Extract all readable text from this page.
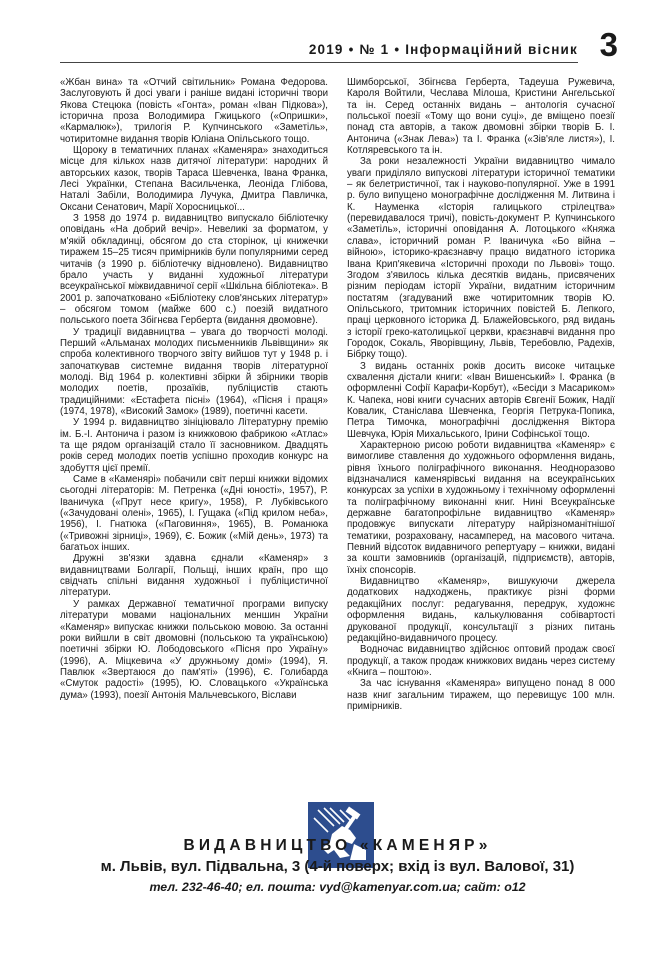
2019 • № 1 • Інформаційний вісник 3

«Жбан вина» та «Отчий світильник» Романа Федорова. Заслуговують й досі уваги і раніше видані історичні твори Якова Стецюка (повість «Гонта», роман «Іван Підкова»), історична проза Володимира Гжицького («Опришки», «Кармалюк»), трилогія Р. Купчинського «Заметіль», чотиритомне видання творів Юліана Опільського тощо.

Щороку в тематичних планах «Каменяра» знаходиться місце для кількох назв дитячої літератури: народних й авторських казок, творів Тараса Шевченка, Івана Франка, Лесі Українки, Степана Васильченка, Леоніда Глібова, Наталі Забіли, Володимира Лучука, Дмитра Павличка, Оксани Сенатович, Марії Хоросницької...

З 1958 до 1974 р. видавництво випускало бібліотечку оповідань «На добрий вечір». Невеликі за форматом, у м'якій обкладинці, обсягом до ста сторінок, ці книжечки тиражем 15–25 тисяч примірників були популярними серед читачів (з 1990 р. бібліотечку відновлено). Видавництво брало участь у виданні художньої літератури всеукраїнської міжвидавничої серії «Шкільна бібліотека». В 2001 р. започатковано «Бібліотеку слов'янських літератур» – обсягом томом (майже 600 с.) поезій видатного польського поета Збігнєва Герберта (видання двомовне).

У традиції видавництва – увага до творчості молоді. Перший «Альманах молодих письменників Львівщини» як спроба колективного творчого звіту вийшов тут у 1948 р. і започаткував системне видання творів літературної молоді. Від 1964 р. колективні збірки й збірники творів молодих поетів, прозаїків, публіцистів стають традиційними: «Естафета пісні» (1964), «Пісня і праця» (1974, 1978), «Високий Замок» (1989), поетичні касети.

У 1994 р. видавництво зініціювало Літературну премію ім. Б.-І. Антонича і разом із книжковою фабрикою «Атлас» та ще рядом організацій стало її засновником. Двадцять років серед молодих поетів успішно проходив конкурс на здобуття цієї премії.

Саме в «Каменярі» побачили світ перші книжки відомих сьогодні літераторів: М. Петренка («Дні юності», 1957), Р. Іваничука («Прут несе кригу», 1958), Р. Лубківського («Зачудовані олені», 1965), І. Гущака («Під крилом неба», 1956), І. Гнатюка («Паговиння», 1965), В. Романюка («Тривожні зірниці», 1969), Є. Божик («Мій день», 1973) та багатьох інших.

Дружні зв'язки здавна єднали «Каменяр» з видавництвами Болгарії, Польщі, інших країн, про що свідчать спільні видання художньої і публіцистичної літератури.

У рамках Державної тематичної програми випуску літератури мовами національних меншин України «Каменяр» випускає книжки польською мовою. За останні роки вийшли в світ двомовні (польською та українською) поетичні збірки Ю. Лободовського «Пісня про Україну» (1996), А. Міцкевича «У дружньому домі» (1994), Я. Павлюк «Звертаюся до пам'яті» (1996), Є. Голибарда «Смуток радості» (1995), Ю. Словацького «Українська дума» (1993), поезії Антонія Мальчевського, Віслави

Шимборської, Збігнєва Герберта, Тадеуша Ружевича, Кароля Войтили, Чеслава Мілоша, Кристини Ангельської та ін. Серед останніх видань – антологія сучасної польської поезії «Тому що вони суці», де вміщено поезії понад ста авторів, а також двомовні збірки творів Б. І. Антонича («Знак Лева») та І. Франка («Зів'яле листя»), І. Котляревського та ін.

За роки незалежності України видавництво чимало уваги приділяло випускові літератури історичної тематики – як белетристичної, так і науково-популярної. Уже в 1991 р. було випущено монографічне дослідження М. Литвина і К. Науменка «Історія галицького стрілецтва» (перевидавалося тричі), повість-документ Р. Купчинського «Заметіль», історичні оповідання А. Лотоцького «Княжа слава», історичний роман Р. Іваничука «Бо війна – війною», історико-краєзнавчу працю видатного історика Івана Крип'якевича «Історичні проходи по Львові» тощо. Згодом з'явилось кілька десятків видань, присвячених різним періодам історії України, видатним історичним постатям (згадуваний вже чотиритомник творів Ю. Опільського, тритомник історичних повістей Б. Лепкого, праці церковного історика Д. Блажейовського, ряд видань з історії греко-католицької церкви, краєзнавчі видання про Городок, Сокаль, Яворівщину, Львів, Теребовлю, Радехів, Бібрку тощо).

З видань останніх років досить високе читацьке схвалення дістали книги: «Іван Вишенський» І. Франка (в оформленні Софії Карафи-Корбут), «Бесіди з Масариком» К. Чапека, нові книги сучасних авторів Євгенії Божик, Надії Ковалик, Станіслава Шевченка, Георгія Петрука-Попика, Петра Тимочка, монографічні дослідження Віктора Шевчука, Юрія Михальського, Ірини Софінської тощо.

Характерною рисою роботи видавництва «Каменяр» є вимогливе ставлення до художнього оформлення видань, рівня їхнього поліграфічного виконання. Неодноразово відзначалися каменярівські видання на всеукраїнських конкурсах за успіхи в художньому і технічному оформленні та поліграфічному виконанні книг. Нині Всеукраїнське державне багатопрофільне видавництво «Каменяр» продовжує випускати літературу найрізноманітнішої тематики, розраховану, насамперед, на масового читача. Певний відсоток видавничого репертуару – книжки, видані за кошти замовників (організацій, підприємств), авторів, їхніх спонсорів.

Видавництво «Каменяр», вишукуючи джерела додаткових надходжень, практикує різні форми редакційних послуг: редагування, передрук, художнє оформлення видань, калькулювання собівартості друкованої продукції, консультації з різних питань редакційно-видавничого процесу.

Водночас видавництво здійснює оптовий продаж своєї продукції, а також продаж книжкових видань через систему «Книга – поштою».

За час існування «Каменяра» випущено понад 8 000 назв книг загальним тиражем, що перевищує 100 млн. примірників.

ВИДАВНИЦТВО «КАМЕНЯР»
м. Львів, вул. Підвальна, 3 (4-й поверх; вхід із вул. Валової, 31)
тел. 232-46-40; ел. пошта: vyd@kamenyar.com.ua; сайт: о12
